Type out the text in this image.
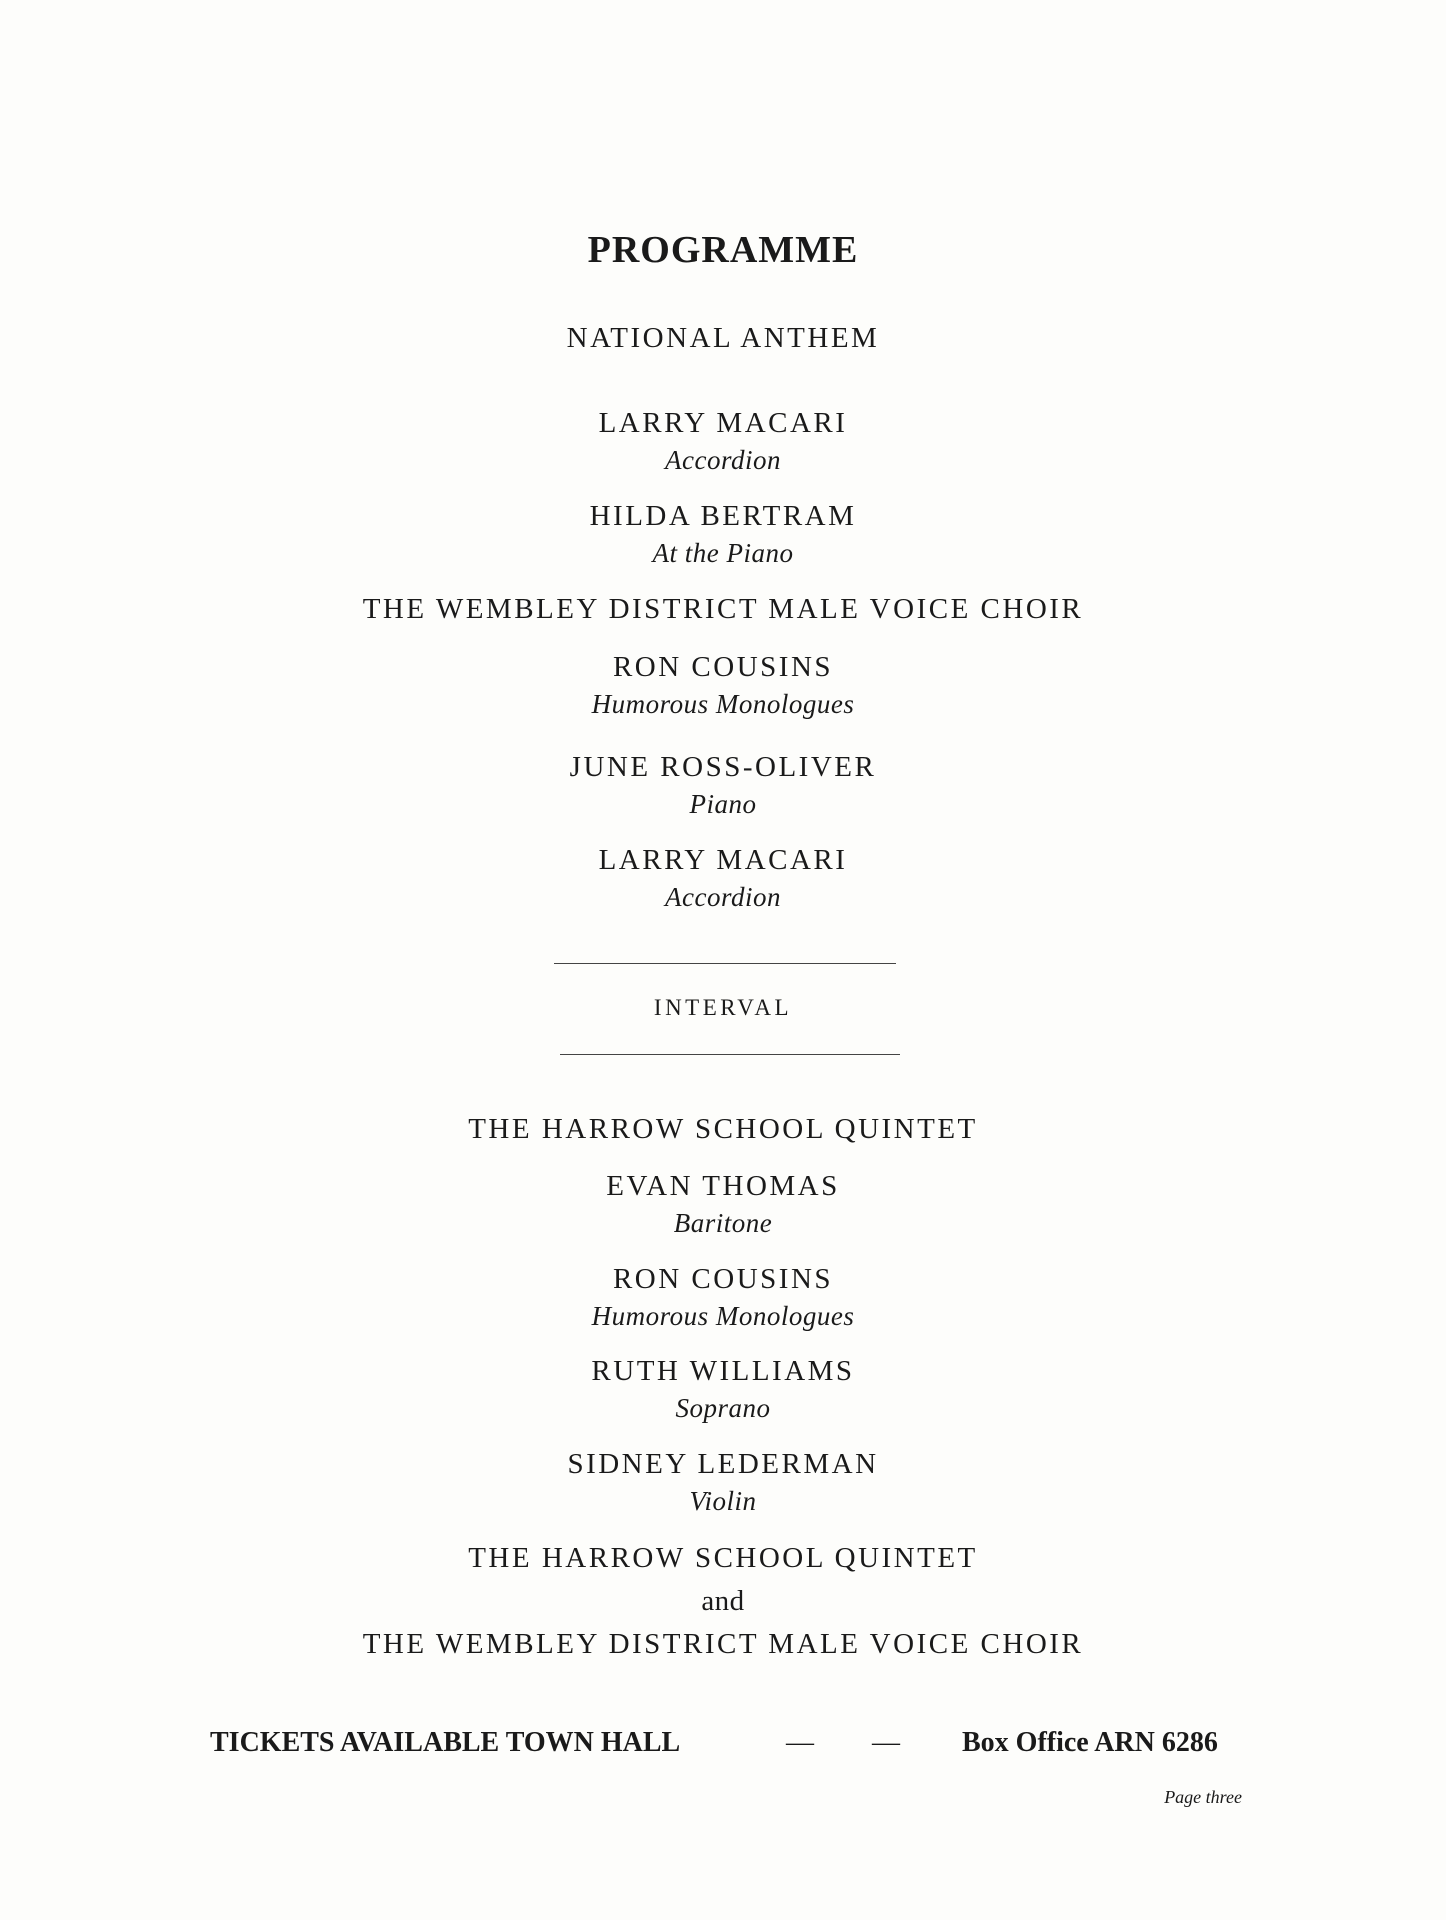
PROGRAMME
NATIONAL ANTHEM
LARRY MACARI
Accordion
HILDA BERTRAM
At the Piano
THE WEMBLEY DISTRICT MALE VOICE CHOIR
RON COUSINS
Humorous Monologues
JUNE ROSS-OLIVER
Piano
LARRY MACARI
Accordion
INTERVAL
THE HARROW SCHOOL QUINTET
EVAN THOMAS
Baritone
RON COUSINS
Humorous Monologues
RUTH WILLIAMS
Soprano
SIDNEY LEDERMAN
Violin
THE HARROW SCHOOL QUINTET
and
THE WEMBLEY DISTRICT MALE VOICE CHOIR
TICKETS AVAILABLE TOWN HALL	— — Box Office ARN 6286
Page three
